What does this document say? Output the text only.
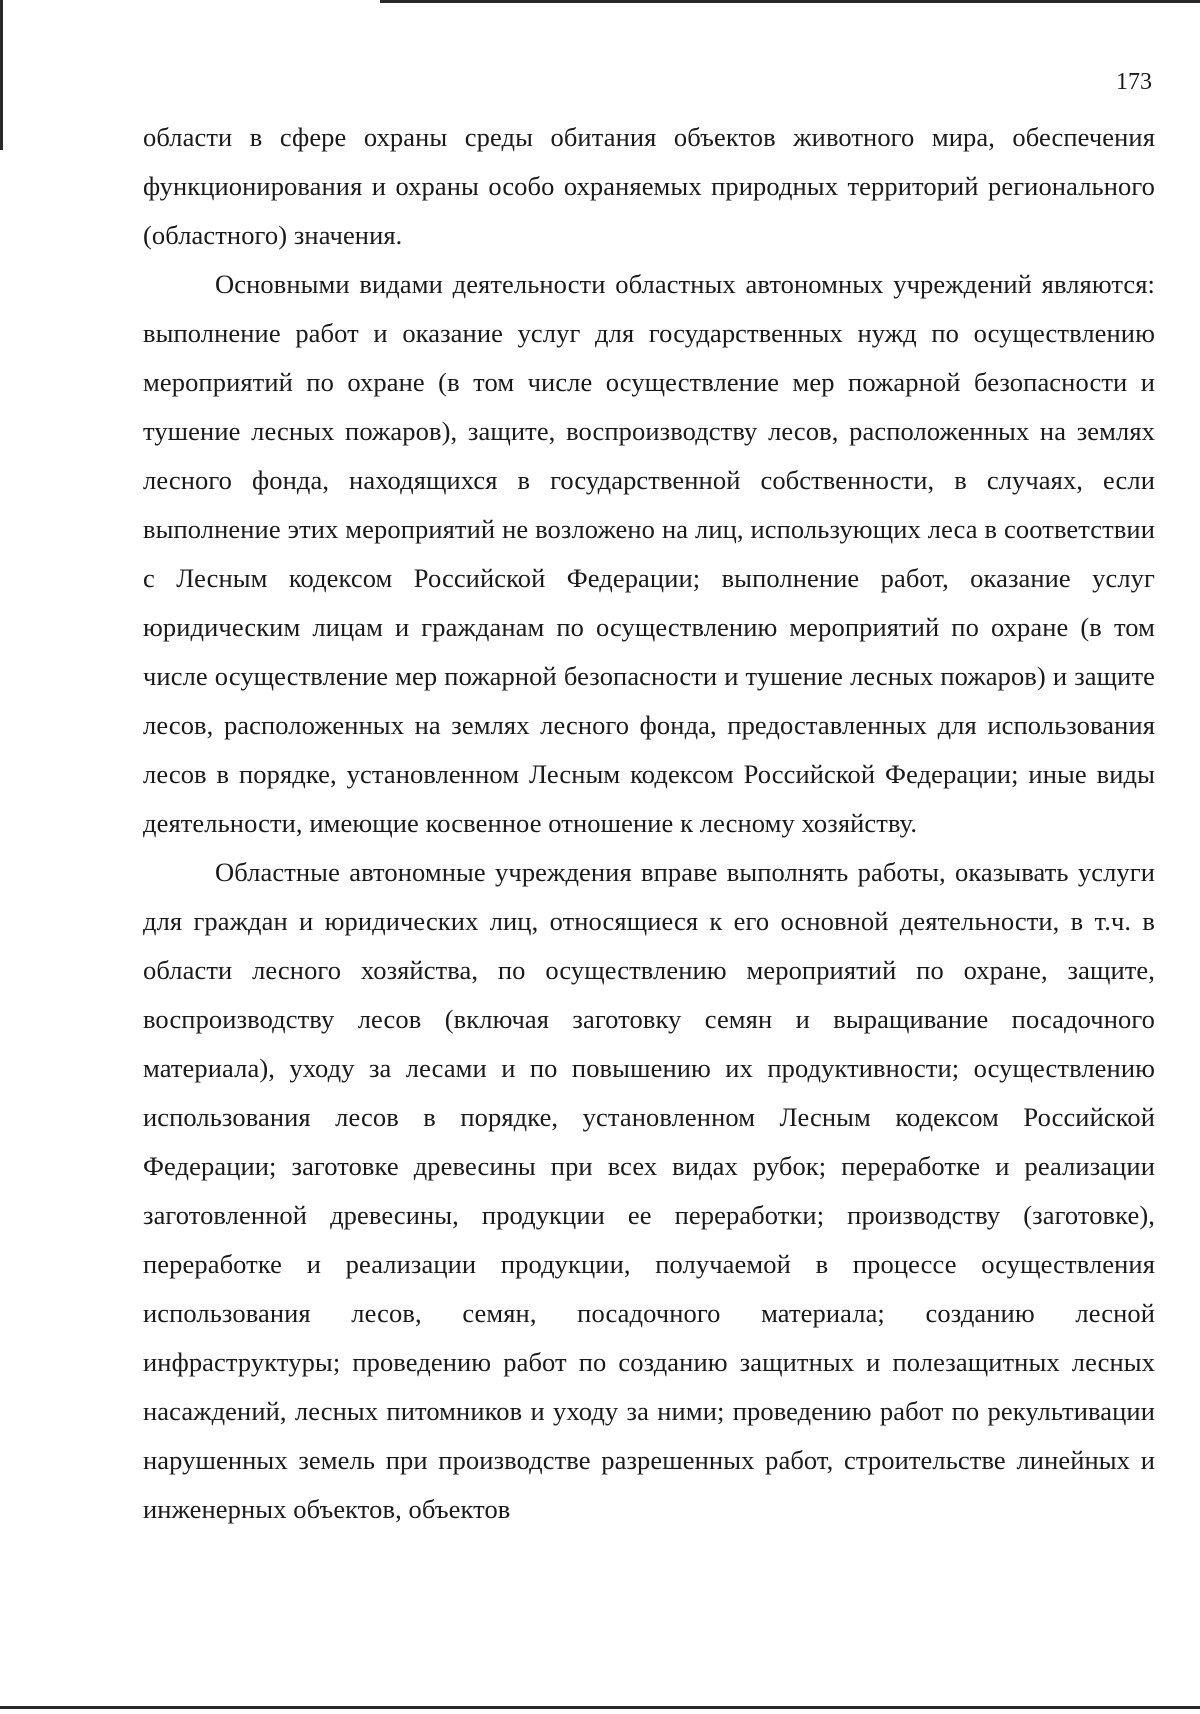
173

области в сфере охраны среды обитания объектов животного мира, обеспечения функционирования и охраны особо охраняемых природных территорий регионального (областного) значения.

Основными видами деятельности областных автономных учреждений являются: выполнение работ и оказание услуг для государственных нужд по осуществлению мероприятий по охране (в том числе осуществление мер пожарной безопасности и тушение лесных пожаров), защите, воспроизводству лесов, расположенных на землях лесного фонда, находящихся в государственной собственности, в случаях, если выполнение этих мероприятий не возложено на лиц, использующих леса в соответствии с Лесным кодексом Российской Федерации; выполнение работ, оказание услуг юридическим лицам и гражданам по осуществлению мероприятий по охране (в том числе осуществление мер пожарной безопасности и тушение лесных пожаров) и защите лесов, расположенных на землях лесного фонда, предоставленных для использования лесов в порядке, установленном Лесным кодексом Российской Федерации; иные виды деятельности, имеющие косвенное отношение к лесному хозяйству.

Областные автономные учреждения вправе выполнять работы, оказывать услуги для граждан и юридических лиц, относящиеся к его основной деятельности, в т.ч. в области лесного хозяйства, по осуществлению мероприятий по охране, защите, воспроизводству лесов (включая заготовку семян и выращивание посадочного материала), уходу за лесами и по повышению их продуктивности; осуществлению использования лесов в порядке, установленном Лесным кодексом Российской Федерации; заготовке древесины при всех видах рубок; переработке и реализации заготовленной древесины, продукции ее переработки; производству (заготовке), переработке и реализации продукции, получаемой в процессе осуществления использования лесов, семян, посадочного материала; созданию лесной инфраструктуры; проведению работ по созданию защитных и полезащитных лесных насаждений, лесных питомников и уходу за ними; проведению работ по рекультивации нарушенных земель при производстве разрешенных работ, строительстве линейных и инженерных объектов, объектов
